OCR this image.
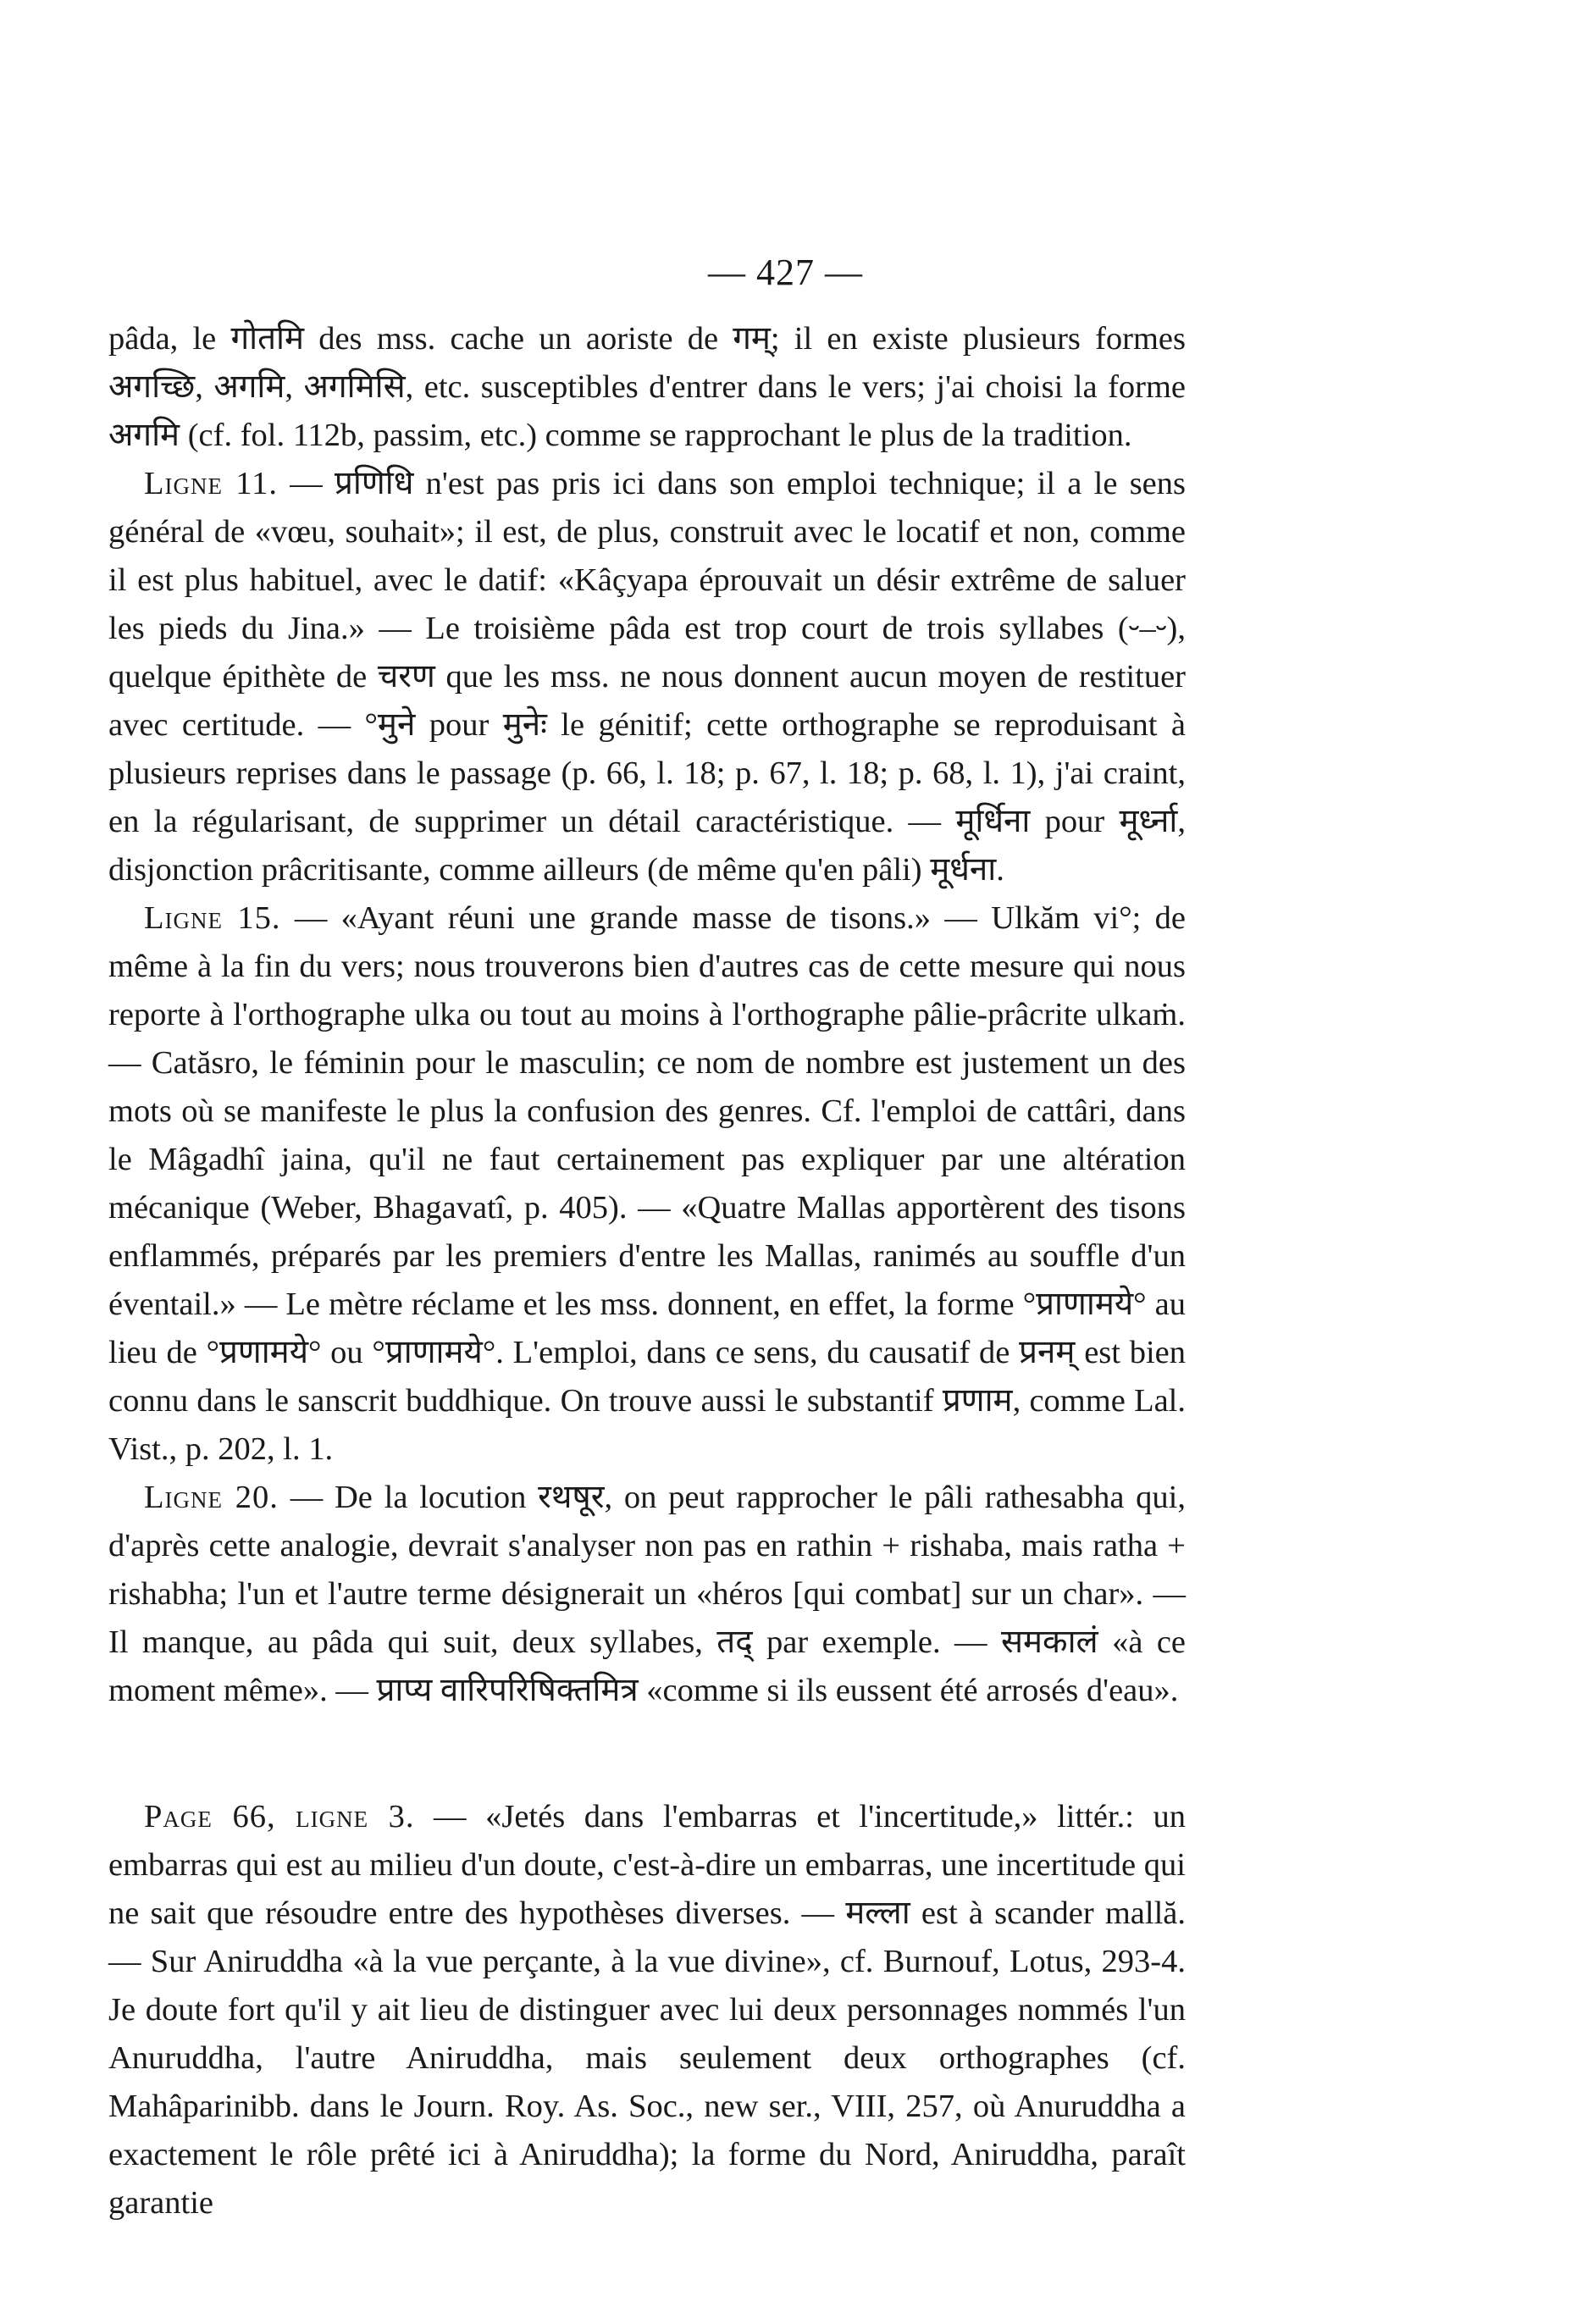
— 427 —

pâda, le गोतमि des mss. cache un aoriste de गम्; il en existe plusieurs formes अगच्छि, अगमि, अगमिसि, etc. susceptibles d'entrer dans le vers; j'ai choisi la forme अगमि (cf. fol. 112b, passim, etc.) comme se rapprochant le plus de la tradition.

Ligne 11. — प्रणिधि n'est pas pris ici dans son emploi technique; il a le sens général de «vœu, souhait»; il est, de plus, construit avec le locatif et non, comme il est plus habituel, avec le datif: «Kâçyapa éprouvait un désir extrême de saluer les pieds du Jina.» — Le troisième pâda est trop court de trois syllabes (⏑–⏑), quelque épithète de चरण que les mss. ne nous donnent aucun moyen de restituer avec certitude. — °मुने pour मुनेः le génitif; cette orthographe se reproduisant à plusieurs reprises dans le passage (p. 66, l. 18; p. 67, l. 18; p. 68, l. 1), j'ai craint, en la régularisant, de supprimer un détail caractéristique. — मूर्धिना pour मूर्ध्ना, disjonction prâcritisante, comme ailleurs (de même qu'en pâli) मूर्धना.

Ligne 15. — «Ayant réuni une grande masse de tisons.» — Ulkăm vi°; de même à la fin du vers; nous trouverons bien d'autres cas de cette mesure qui nous reporte à l'orthographe ulka ou tout au moins à l'orthographe pâlie-prâcrite ulkaṁ. — Catăsro, le féminin pour le masculin; ce nom de nombre est justement un des mots où se manifeste le plus la confusion des genres. Cf. l'emploi de cattâri, dans le Mâgadhî jaina, qu'il ne faut certainement pas expliquer par une altération mécanique (Weber, Bhagavatî, p. 405). — «Quatre Mallas apportèrent des tisons enflammés, préparés par les premiers d'entre les Mallas, ranimés au souffle d'un éventail.» — Le mètre réclame et les mss. donnent, en effet, la forme °प्राणामये° au lieu de °प्रणामये° ou °प्राणामये°. L'emploi, dans ce sens, du causatif de प्रनम् est bien connu dans le sanscrit buddhique. On trouve aussi le substantif प्रणाम, comme Lal. Vist., p. 202, l. 1.

Ligne 20. — De la locution रथषूर, on peut rapprocher le pâli rathesabha qui, d'après cette analogie, devrait s'analyser non pas en rathin + rishaba, mais ratha + rishabha; l'un et l'autre terme désignerait un «héros [qui combat] sur un char». — Il manque, au pâda qui suit, deux syllabes, तद् par exemple. — समकालं «à ce moment même». — प्राप्य वारिपरिषिक्तमित्र «comme si ils eussent été arrosés d'eau».

Page 66, ligne 3. — «Jetés dans l'embarras et l'incertitude,» littér.: un embarras qui est au milieu d'un doute, c'est-à-dire un embarras, une incertitude qui ne sait que résoudre entre des hypothèses diverses. — मल्ला est à scander mallă. — Sur Aniruddha «à la vue perçante, à la vue divine», cf. Burnouf, Lotus, 293-4. Je doute fort qu'il y ait lieu de distinguer avec lui deux personnages nommés l'un Anuruddha, l'autre Aniruddha, mais seulement deux orthographes (cf. Mahâparinibb. dans le Journ. Roy. As. Soc., new ser., VIII, 257, où Anuruddha a exactement le rôle prêté ici à Aniruddha); la forme du Nord, Aniruddha, paraît garantie
